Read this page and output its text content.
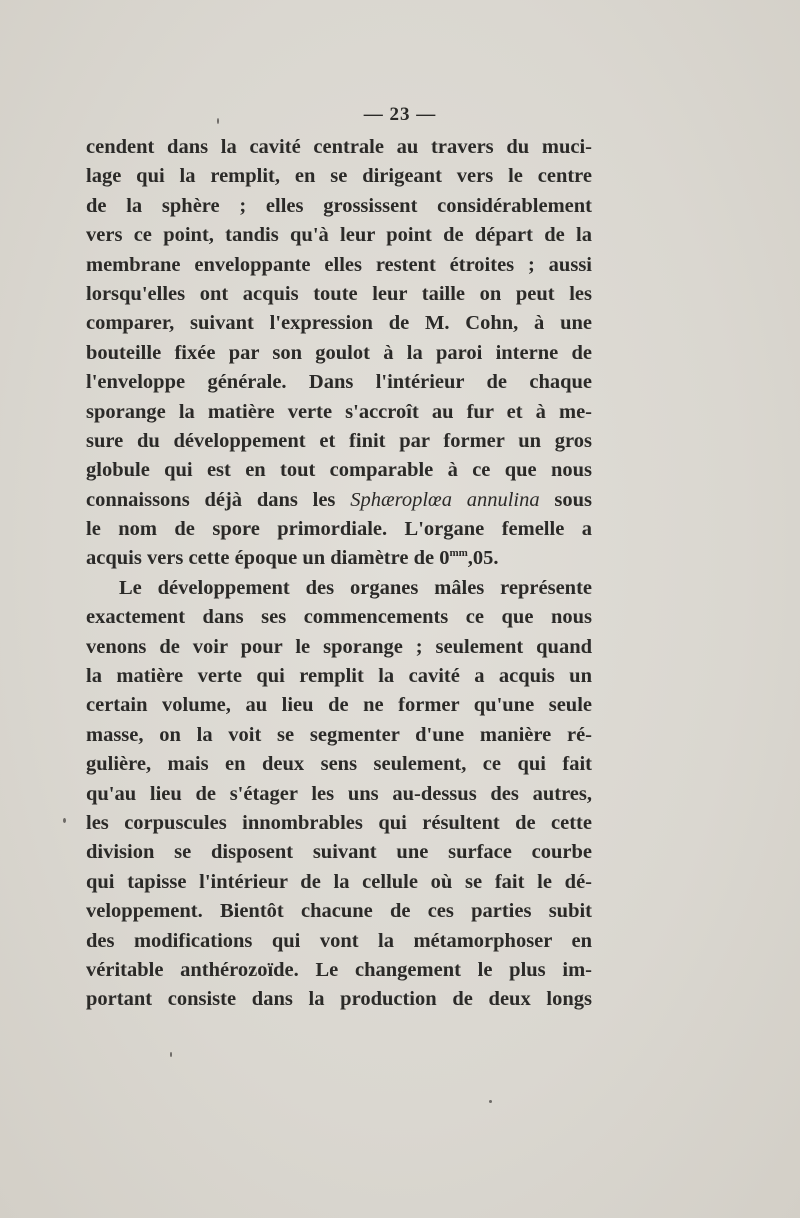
— 23 —
cendent dans la cavité centrale au travers du muci-
lage qui la remplit, en se dirigeant vers le centre
de la sphère ; elles grossissent considérablement
vers ce point, tandis qu'à leur point de départ de la
membrane enveloppante elles restent étroites ; aussi
lorsqu'elles ont acquis toute leur taille on peut les
comparer, suivant l'expression de M. Cohn, à une
bouteille fixée par son goulot à la paroi interne de
l'enveloppe générale. Dans l'intérieur de chaque
sporange la matière verte s'accroît au fur et à me-
sure du développement et finit par former un gros
globule qui est en tout comparable à ce que nous
connaissons déjà dans les Sphæroplœa annulina sous
le nom de spore primordiale. L'organe femelle a
acquis vers cette époque un diamètre de $0^{mm},05$.
Le développement des organes mâles représente
exactement dans ses commencements ce que nous
venons de voir pour le sporange ; seulement quand
la matière verte qui remplit la cavité a acquis un
certain volume, au lieu de ne former qu'une seule
masse, on la voit se segmenter d'une manière ré-
gulière, mais en deux sens seulement, ce qui fait
qu'au lieu de s'étager les uns au-dessus des autres,
les corpuscules innombrables qui résultent de cette
division se disposent suivant une surface courbe
qui tapisse l'intérieur de la cellule où se fait le dé-
veloppement. Bientôt chacune de ces parties subit
des modifications qui vont la métamorphoser en
véritable anthérozoïde. Le changement le plus im-
portant consiste dans la production de deux longs
